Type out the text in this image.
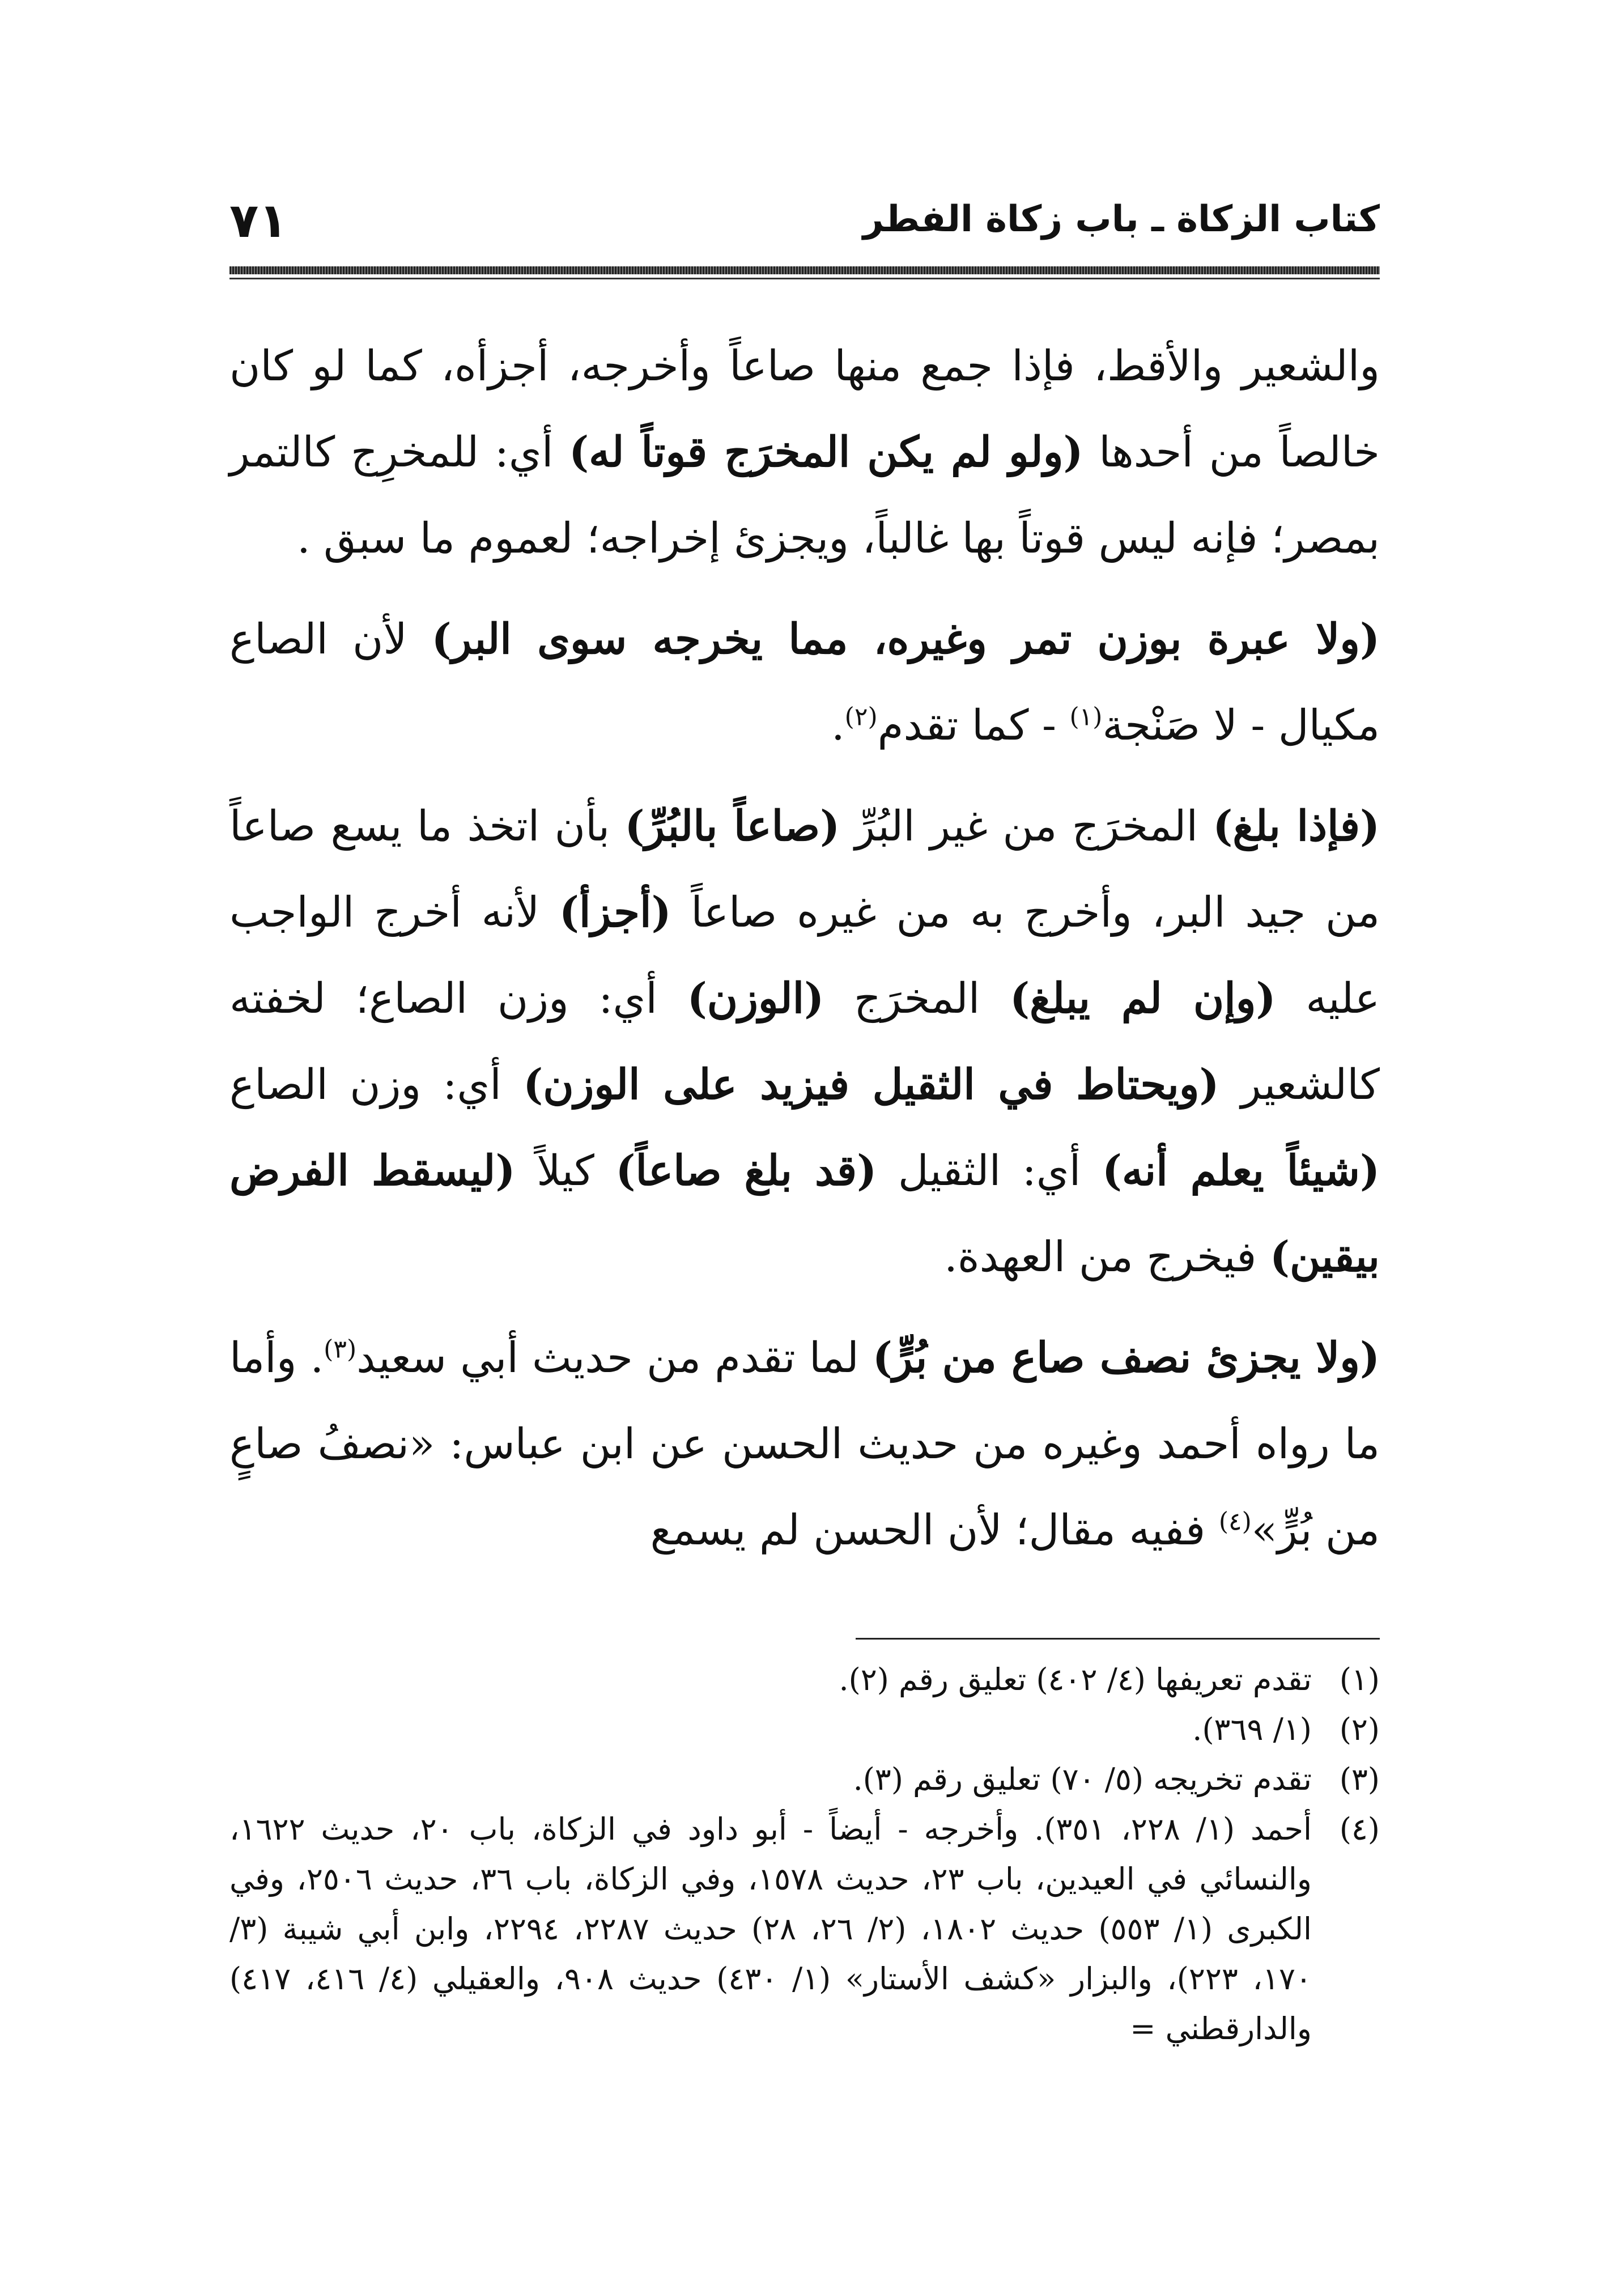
كتاب الزكاة ـ باب زكاة الفطر
٧١

والشعير والأقط، فإذا جمع منها صاعاً وأخرجه، أجزأه، كما لو كان خالصاً من أحدها (ولو لم يكن المخرَج قوتاً له) أي: للمخرِج كالتمر بمصر؛ فإنه ليس قوتاً بها غالباً، ويجزئ إخراجه؛ لعموم ما سبق .

(ولا عبرة بوزن تمر وغيره، مما يخرجه سوى البر) لأن الصاع مكيال - لا صَنْجة$^{(١)}$ - كما تقدم$^{(٢)}$.

(فإذا بلغ) المخرَج من غير البُرِّ (صاعاً بالبُرِّ) بأن اتخذ ما يسع صاعاً من جيد البر، وأخرج به من غيره صاعاً (أجزأ) لأنه أخرج الواجب عليه (وإن لم يبلغ) المخرَج (الوزن) أي: وزن الصاع؛ لخفته كالشعير (ويحتاط في الثقيل فيزيد على الوزن) أي: وزن الصاع (شيئاً يعلم أنه) أي: الثقيل (قد بلغ صاعاً) كيلاً (ليسقط الفرض بيقين) فيخرج من العهدة.

(ولا يجزئ نصف صاع من بُرٍّ) لما تقدم من حديث أبي سعيد$^{(٣)}$. وأما ما رواه أحمد وغيره من حديث الحسن عن ابن عباس: «نصفُ صاعٍ من بُرٍّ»$^{(٤)}$ ففيه مقال؛ لأن الحسن لم يسمع

(١)
تقدم تعريفها (٤/ ٤٠٢) تعليق رقم (٢).
(٢)
(١/ ٣٦٩).
(٣)
تقدم تخريجه (٥/ ٧٠) تعليق رقم (٣).
(٤)
أحمد (١/ ٢٢٨، ٣٥١). وأخرجه - أيضاً - أبو داود في الزكاة، باب ٢٠، حديث ١٦٢٢، والنسائي في العيدين، باب ٢٣، حديث ١٥٧٨، وفي الزكاة، باب ٣٦، حديث ٢٥٠٦، وفي الكبرى (١/ ٥٥٣) حديث ١٨٠٢، (٢/ ٢٦، ٢٨) حديث ٢٢٨٧، ٢٢٩٤، وابن أبي شيبة (٣/ ١٧٠، ٢٢٣)، والبزار «كشف الأستار» (١/ ٤٣٠) حديث ٩٠٨، والعقيلي (٤/ ٤١٦، ٤١٧) والدارقطني =
